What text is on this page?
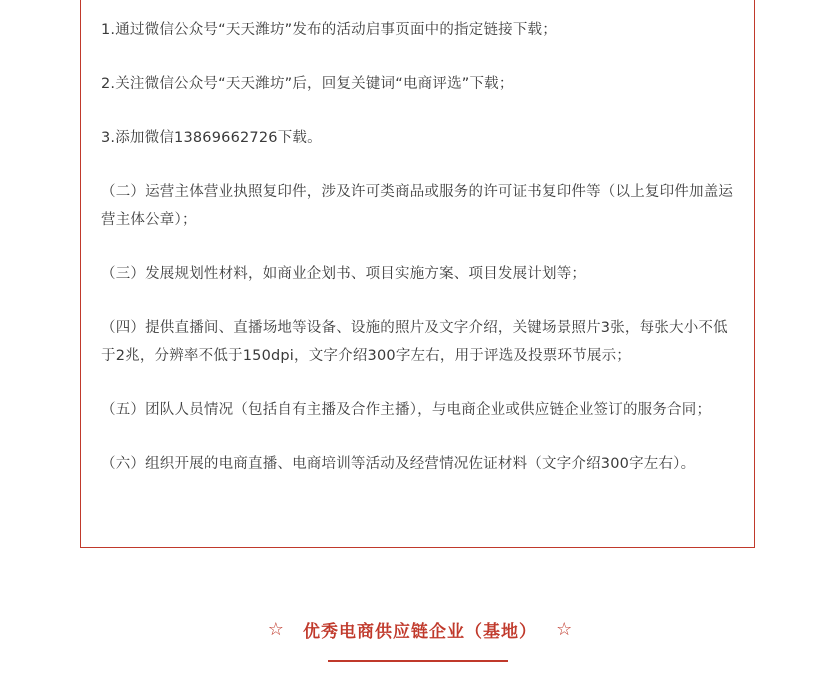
1.通过微信公众号“天天潍坊”发布的活动启事页面中的指定链接下载；

2.关注微信公众号“天天潍坊”后，回复关键词“电商评选”下载；

3.添加微信13869662726下载。

（二）运营主体营业执照复印件，涉及许可类商品或服务的许可证书复印件等（以上复印件加盖运营主体公章）；

（三）发展规划性材料，如商业企划书、项目实施方案、项目发展计划等；

（四）提供直播间、直播场地等设备、设施的照片及文字介绍，关键场景照片3张，每张大小不低于2兆，分辨率不低于150dpi，文字介绍300字左右，用于评选及投票环节展示；

（五）团队人员情况（包括自有主播及合作主播），与电商企业或供应链企业签订的服务合同；

（六）组织开展的电商直播、电商培训等活动及经营情况佐证材料（文字介绍300字左右）。

☆ 优秀电商供应链企业（基地） ☆
